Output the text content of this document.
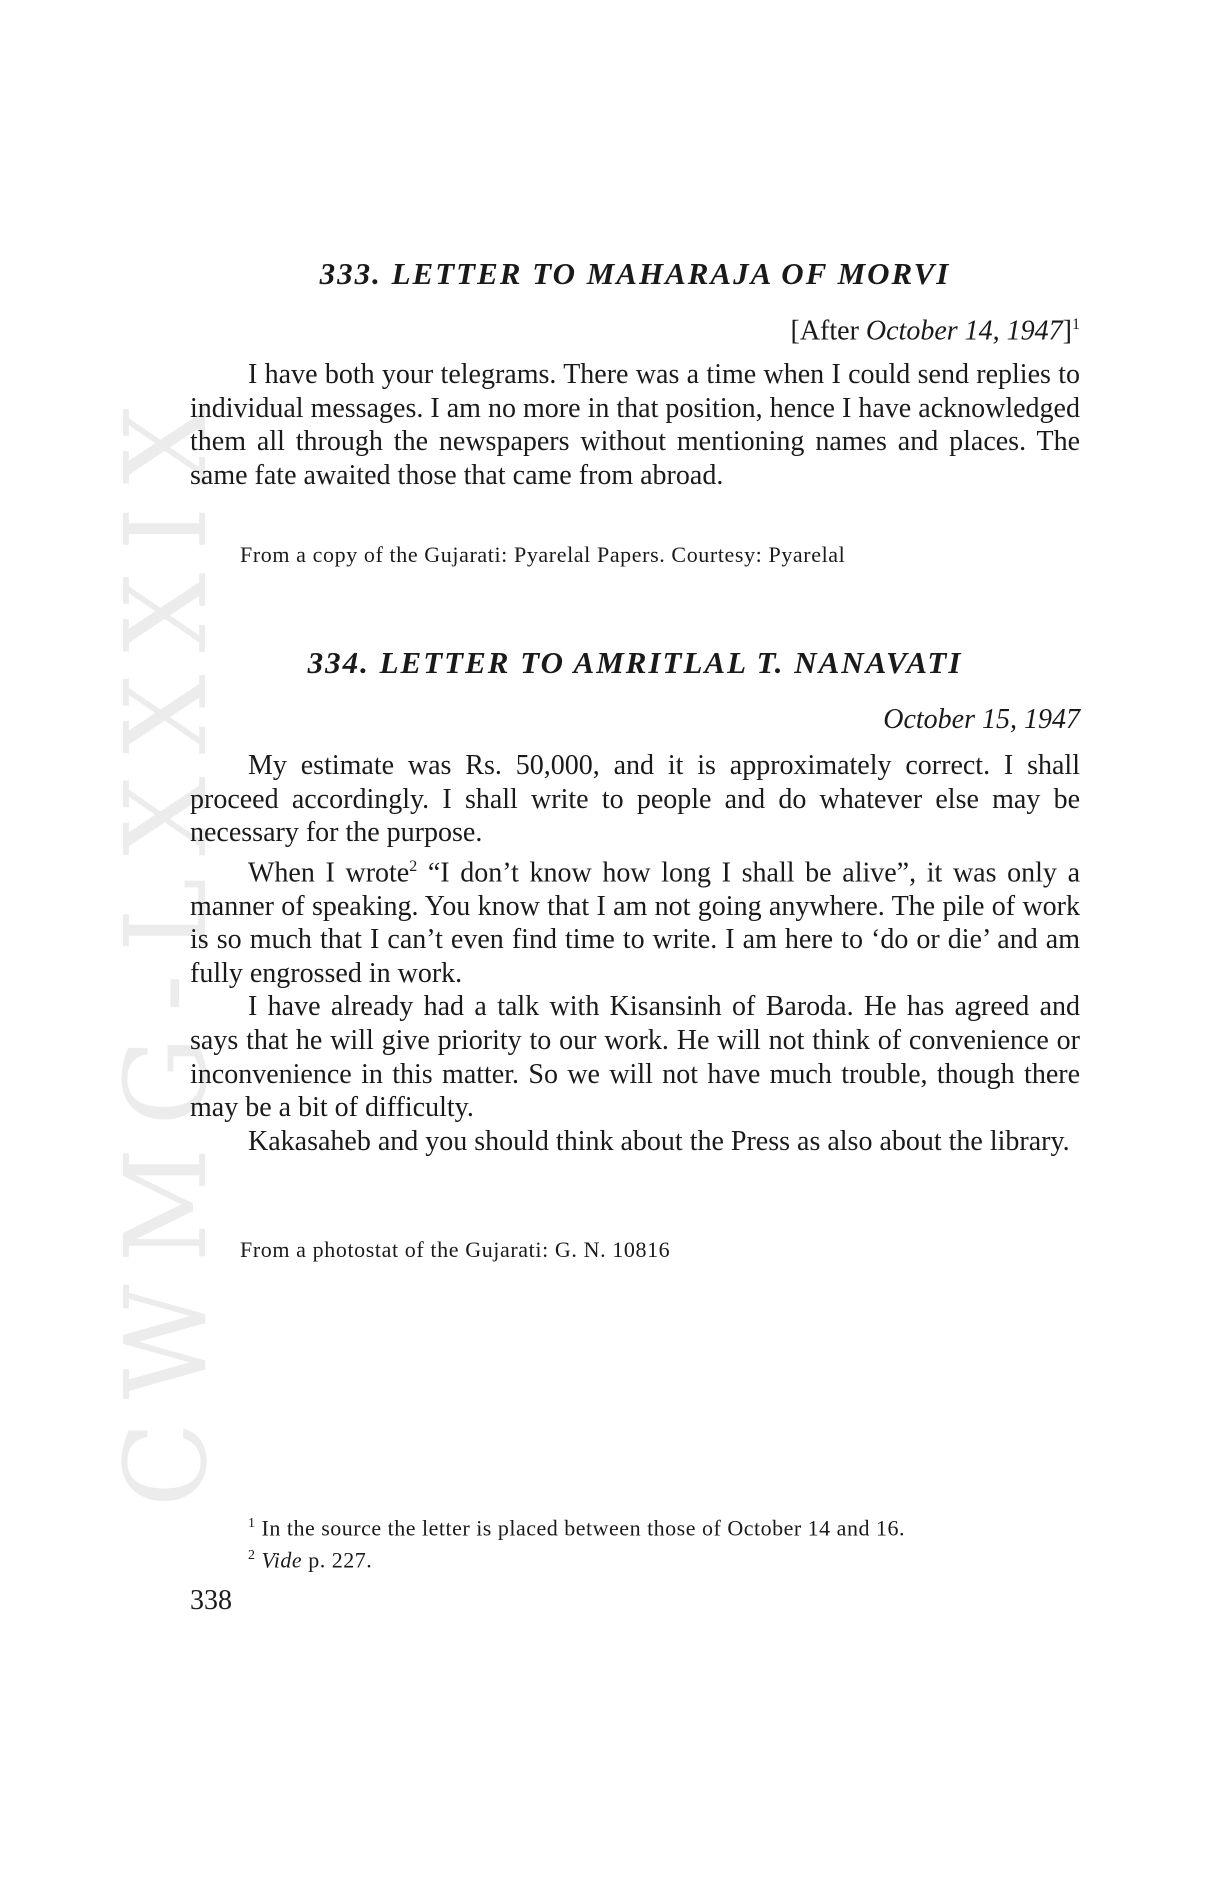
CWMG-LXXXIX
333. LETTER TO MAHARAJA OF MORVI
[After October 14, 1947]$^1$

I have both your telegrams. There was a time when I could send replies to individual messages. I am no more in that position, hence I have acknowledged them all through the newspapers without mentioning names and places. The same fate awaited those that came from abroad.

From a copy of the Gujarati: Pyarelal Papers. Courtesy: Pyarelal

334. LETTER TO AMRITLAL T. NANAVATI
October 15, 1947

My estimate was Rs. 50,000, and it is approximately correct. I shall proceed accordingly. I shall write to people and do whatever else may be necessary for the purpose.

When I wrote$^2$ “I don’t know how long I shall be alive”, it was only a manner of speaking. You know that I am not going anywhere. The pile of work is so much that I can’t even find time to write. I am here to ‘do or die’ and am fully engrossed in work.

I have already had a talk with Kisansinh of Baroda. He has agreed and says that he will give priority to our work. He will not think of convenience or inconvenience in this matter. So we will not have much trouble, though there may be a bit of difficulty.

Kakasaheb and you should think about the Press as also about the library.

From a photostat of the Gujarati: G. N. 10816

$^1$ In the source the letter is placed between those of October 14 and 16.
$^2$ Vide p. 227.
338
